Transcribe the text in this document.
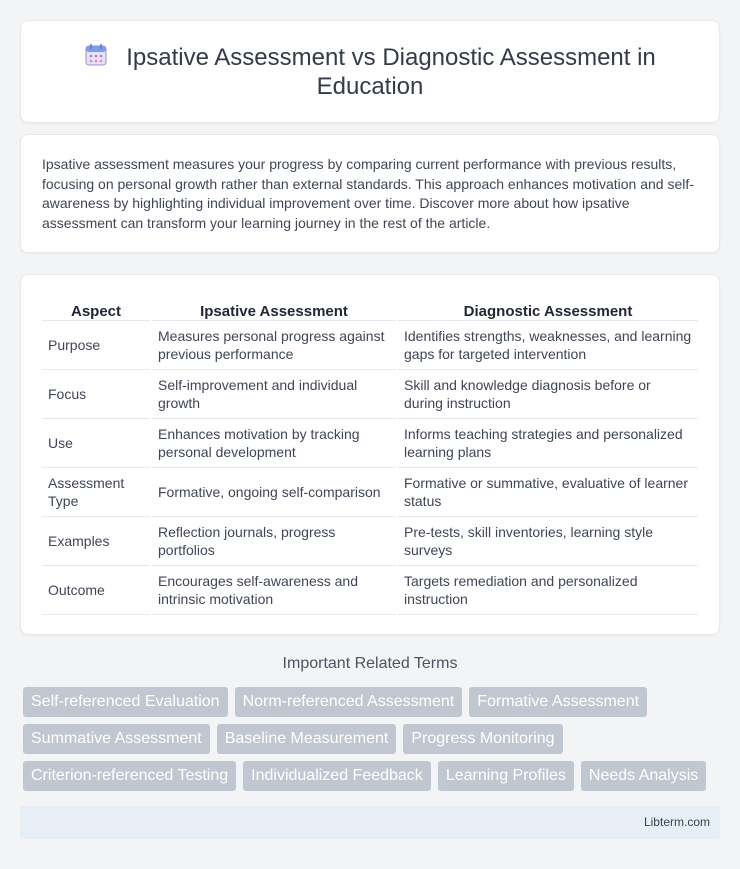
Ipsative Assessment vs Diagnostic Assessment in Education

Ipsative assessment measures your progress by comparing current performance with previous results, focusing on personal growth rather than external standards. This approach enhances motivation and self-awareness by highlighting individual improvement over time. Discover more about how ipsative assessment can transform your learning journey in the rest of the article.

Aspect	Ipsative Assessment	Diagnostic Assessment
Purpose	Measures personal progress against previous performance	Identifies strengths, weaknesses, and learning gaps for targeted intervention
Focus	Self-improvement and individual growth	Skill and knowledge diagnosis before or during instruction
Use	Enhances motivation by tracking personal development	Informs teaching strategies and personalized learning plans
Assessment Type	Formative, ongoing self-comparison	Formative or summative, evaluative of learner status
Examples	Reflection journals, progress portfolios	Pre-tests, skill inventories, learning style surveys
Outcome	Encourages self-awareness and intrinsic motivation	Targets remediation and personalized instruction
Important Related Terms
Self-referenced Evaluation	Norm-referenced Assessment	Formative Assessment
Summative Assessment	Baseline Measurement	Progress Monitoring
Criterion-referenced Testing	Individualized Feedback	Learning Profiles	Needs Analysis
Libterm.com
